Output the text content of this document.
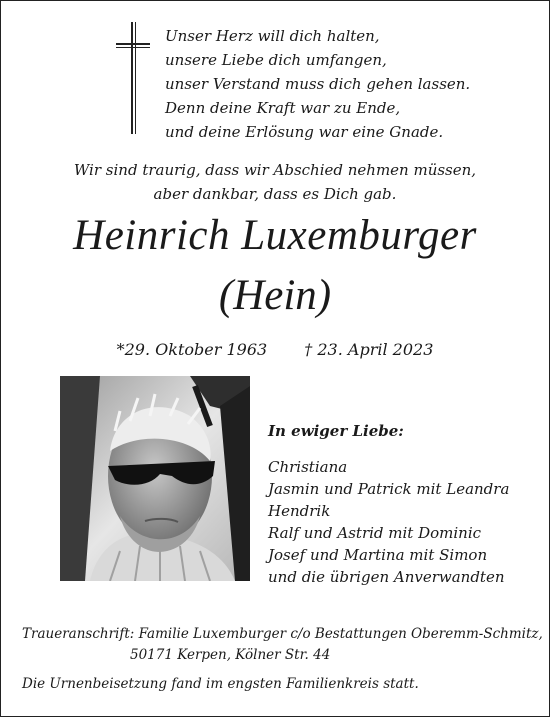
Unser Herz will dich halten,
unsere Liebe dich umfangen,
unser Verstand muss dich gehen lassen.
Denn deine Kraft war zu Ende,
und deine Erlösung war eine Gnade.
Wir sind traurig, dass wir Abschied nehmen müssen,
aber dankbar, dass es Dich gab.
Heinrich Luxemburger
(Hein)
*29. Oktober 1963 † 23. April 2023
In ewiger Liebe:
Christiana
Jasmin und Patrick mit Leandra
Hendrik
Ralf und Astrid mit Dominic
Josef und Martina mit Simon
und die übrigen Anverwandten
Traueranschrift: Familie Luxemburger c/o Bestattungen Oberemm-Schmitz,
50171 Kerpen, Kölner Str. 44
Die Urnenbeisetzung fand im engsten Familienkreis statt.
